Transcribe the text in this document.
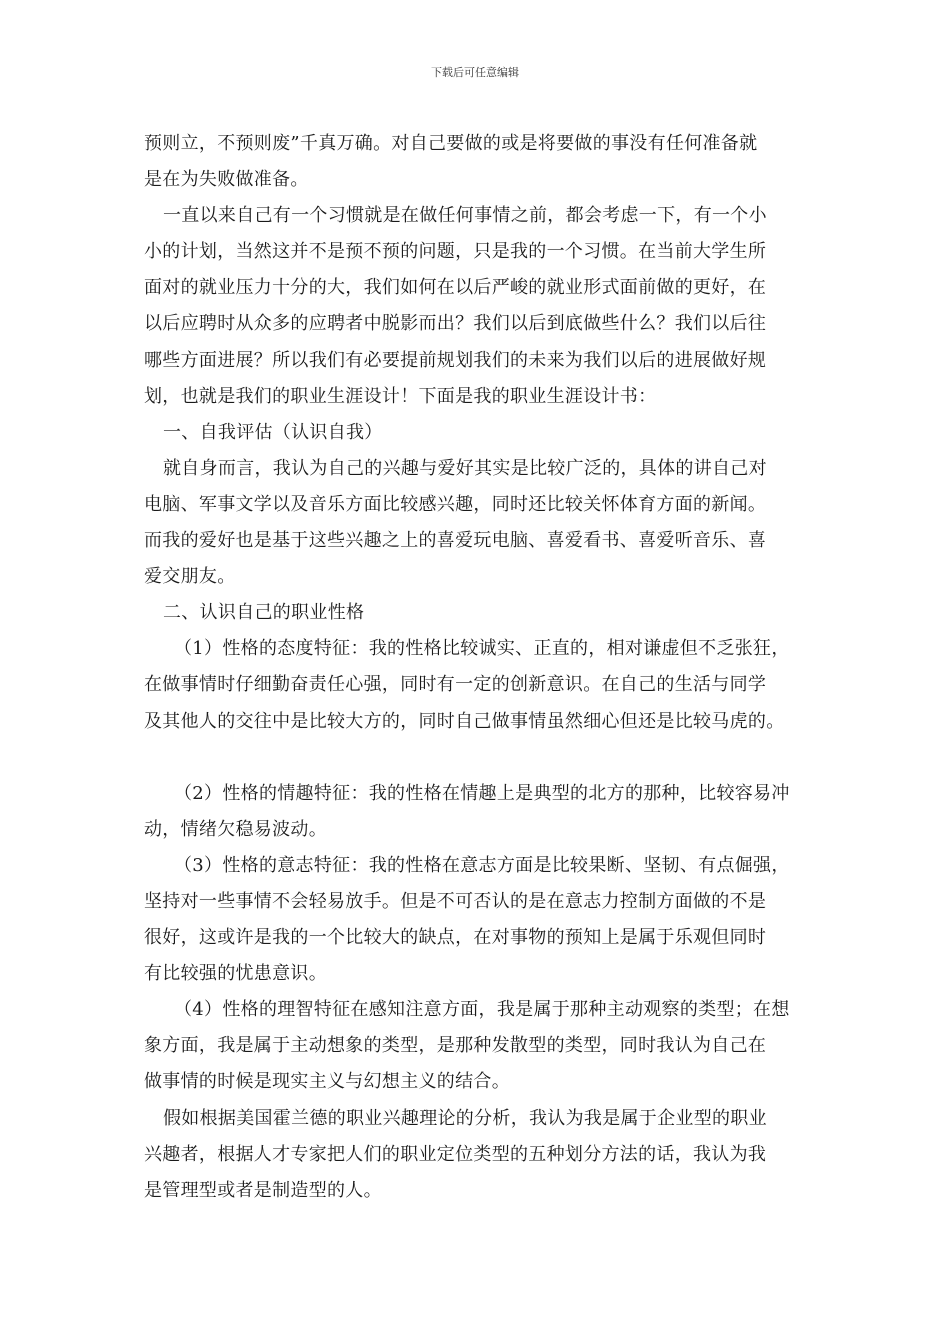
下载后可任意编辑
预则立，不预则废”千真万确。对自己要做的或是将要做的事没有任何准备就
是在为失败做准备。
一直以来自己有一个习惯就是在做任何事情之前，都会考虑一下，有一个小
小的计划，当然这并不是预不预的问题，只是我的一个习惯。在当前大学生所
面对的就业压力十分的大，我们如何在以后严峻的就业形式面前做的更好，在
以后应聘时从众多的应聘者中脱影而出？我们以后到底做些什么？我们以后往
哪些方面进展？所以我们有必要提前规划我们的未来为我们以后的进展做好规
划，也就是我们的职业生涯设计！下面是我的职业生涯设计书：
一、自我评估（认识自我）
就自身而言，我认为自己的兴趣与爱好其实是比较广泛的，具体的讲自己对
电脑、军事文学以及音乐方面比较感兴趣，同时还比较关怀体育方面的新闻。
而我的爱好也是基于这些兴趣之上的喜爱玩电脑、喜爱看书、喜爱听音乐、喜
爱交朋友。
二、认识自己的职业性格
（1）性格的态度特征：我的性格比较诚实、正直的，相对谦虚但不乏张狂，
在做事情时仔细勤奋责任心强，同时有一定的创新意识。在自己的生活与同学
及其他人的交往中是比较大方的，同时自己做事情虽然细心但还是比较马虎的。
（2）性格的情趣特征：我的性格在情趣上是典型的北方的那种，比较容易冲
动，情绪欠稳易波动。
（3）性格的意志特征：我的性格在意志方面是比较果断、坚韧、有点倔强，
坚持对一些事情不会轻易放手。但是不可否认的是在意志力控制方面做的不是
很好，这或许是我的一个比较大的缺点，在对事物的预知上是属于乐观但同时
有比较强的忧患意识。
（4）性格的理智特征在感知注意方面，我是属于那种主动观察的类型；在想
象方面，我是属于主动想象的类型，是那种发散型的类型，同时我认为自己在
做事情的时候是现实主义与幻想主义的结合。
假如根据美国霍兰德的职业兴趣理论的分析，我认为我是属于企业型的职业
兴趣者，根据人才专家把人们的职业定位类型的五种划分方法的话，我认为我
是管理型或者是制造型的人。
